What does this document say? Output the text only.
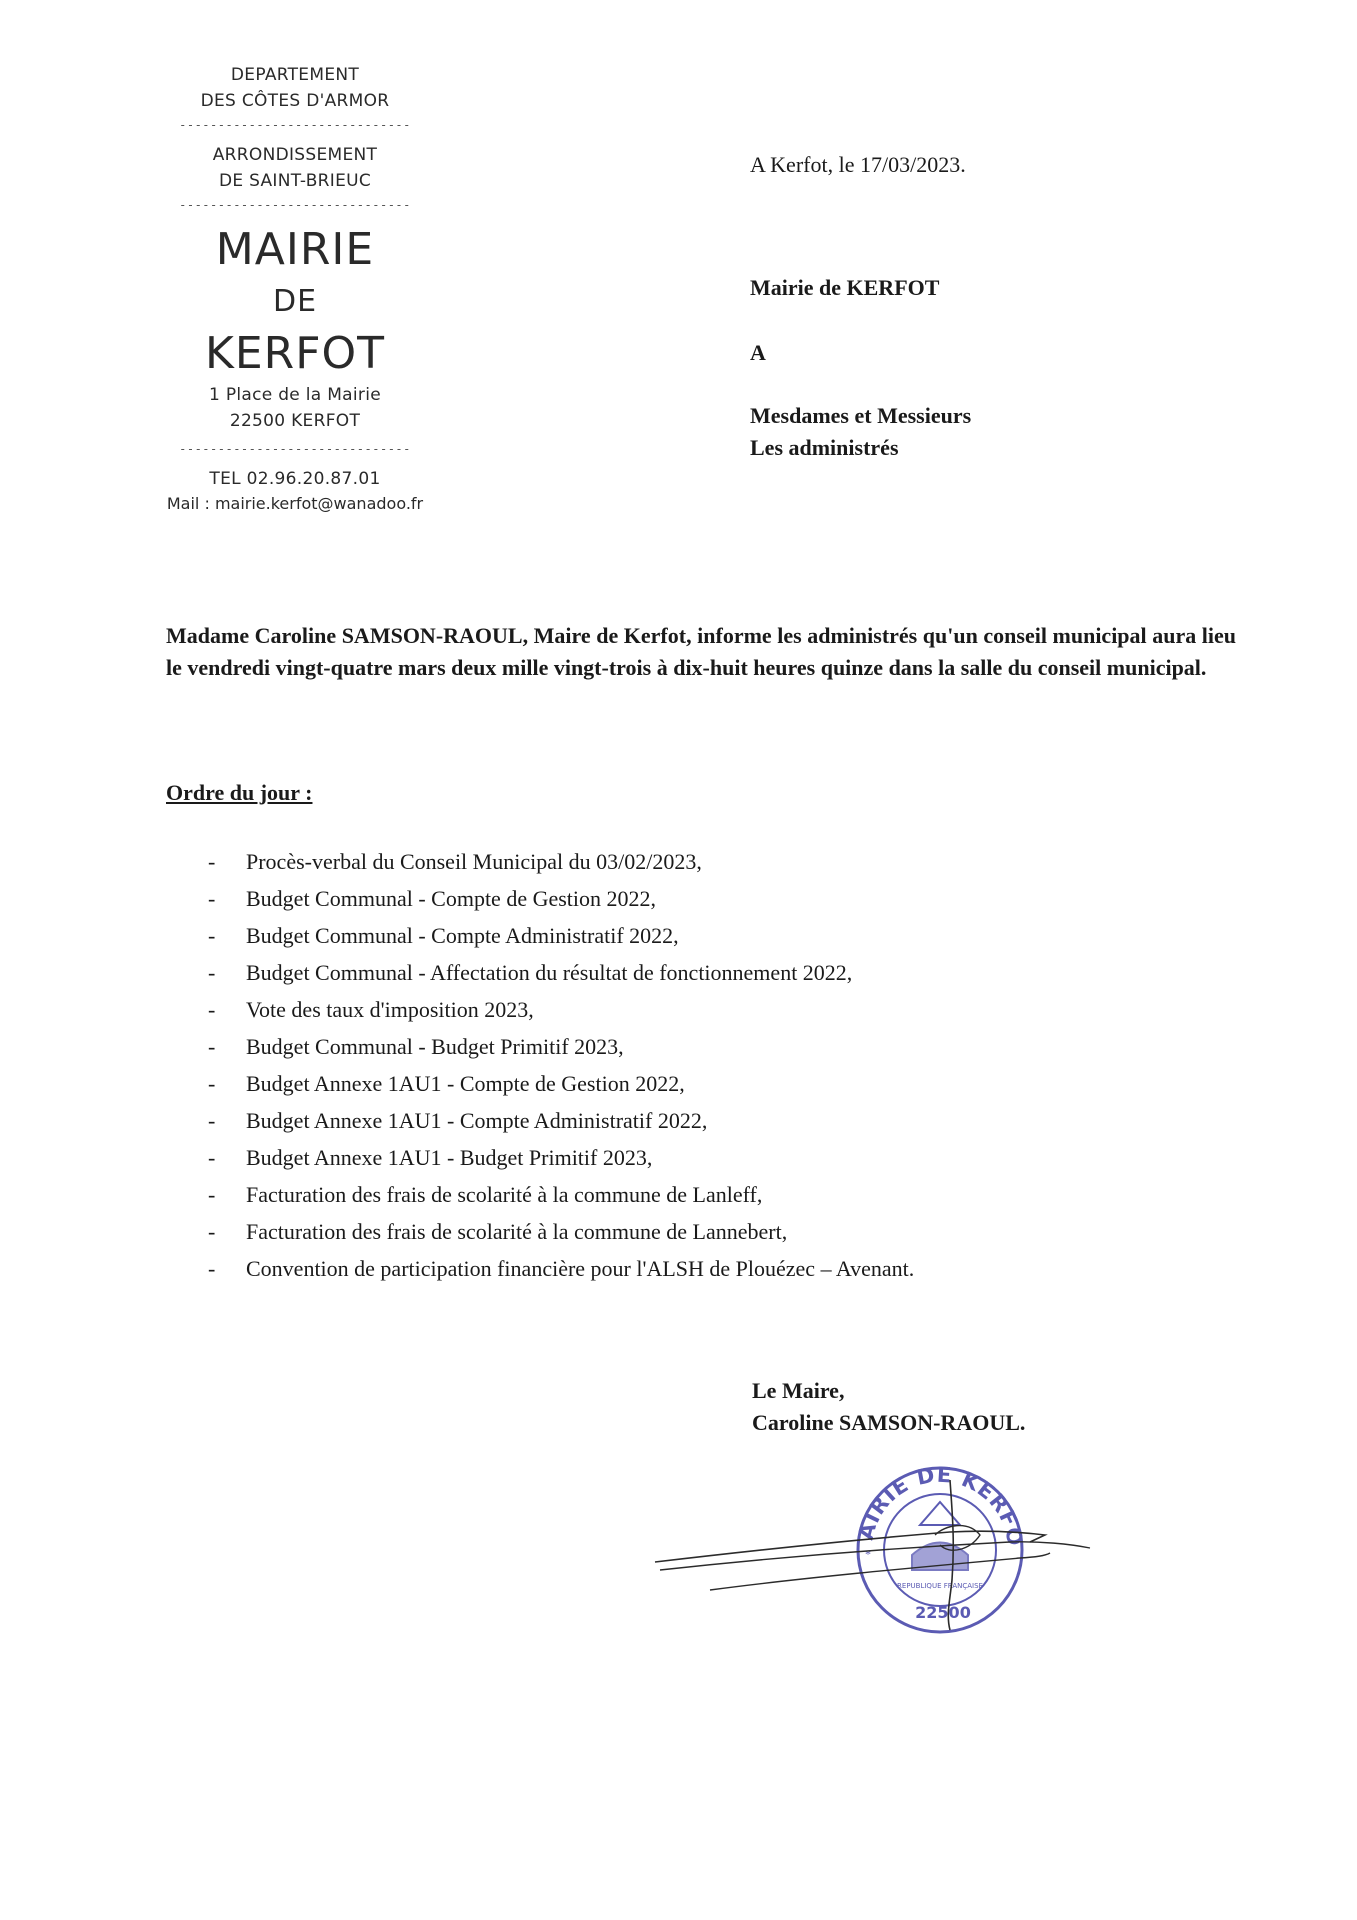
DEPARTEMENT
DES CÔTES D'ARMOR
------------------------------
ARRONDISSEMENT
DE SAINT-BRIEUC
------------------------------
MAIRIE
DE
KERFOT
1 Place de la Mairie
22500 KERFOT
------------------------------
TEL 02.96.20.87.01
Mail : mairie.kerfot@wanadoo.fr
A Kerfot, le 17/03/2023.
Mairie de KERFOT
A
Mesdames et Messieurs
Les administrés
Madame Caroline SAMSON-RAOUL, Maire de Kerfot, informe les administrés qu'un conseil municipal aura lieu le vendredi vingt-quatre mars deux mille vingt-trois à dix-huit heures quinze dans la salle du conseil municipal.
Ordre du jour :
-	Procès-verbal du Conseil Municipal du 03/02/2023,
-	Budget Communal - Compte de Gestion 2022,
-	Budget Communal - Compte Administratif 2022,
-	Budget Communal - Affectation du résultat de fonctionnement 2022,
-	Vote des taux d'imposition 2023,
-	Budget Communal - Budget Primitif 2023,
-	Budget Annexe 1AU1 - Compte de Gestion 2022,
-	Budget Annexe 1AU1 - Compte Administratif 2022,
-	Budget Annexe 1AU1 - Budget Primitif 2023,
-	Facturation des frais de scolarité à la commune de Lanleff,
-	Facturation des frais de scolarité à la commune de Lannebert,
-	Convention de participation financière pour l'ALSH de Plouézec – Avenant.
Le Maire,
Caroline SAMSON-RAOUL.
AIRIE DE KERFO
REPUBLIQUE FRANÇAISE
22500
*
